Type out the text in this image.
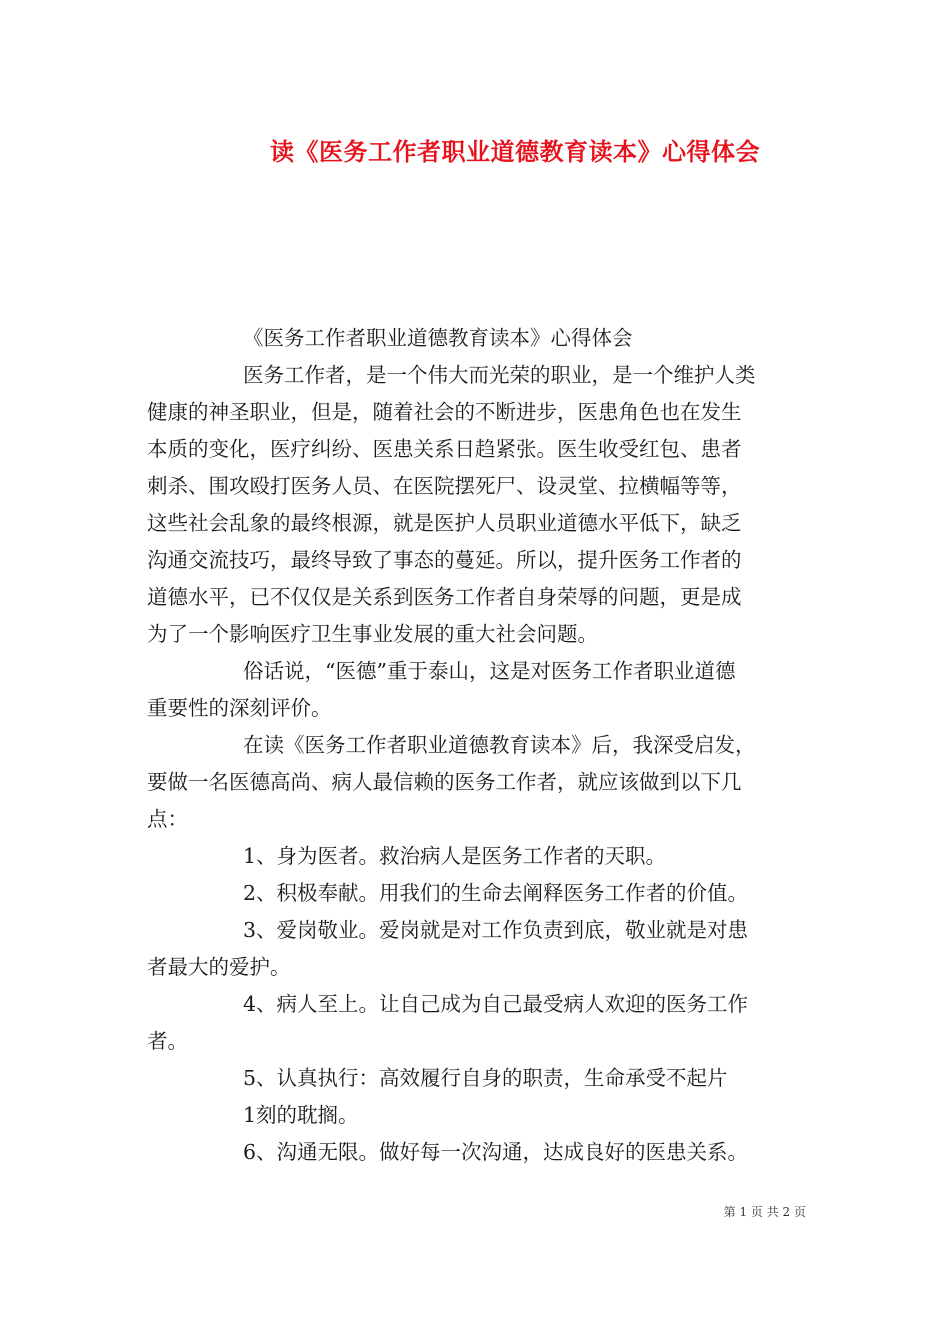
读《医务工作者职业道德教育读本》心得体会
《医务工作者职业道德教育读本》心得体会
医务工作者，是一个伟大而光荣的职业，是一个维护人类
健康的神圣职业，但是，随着社会的不断进步，医患角色也在发生
本质的变化，医疗纠纷、医患关系日趋紧张。医生收受红包、患者
刺杀、围攻殴打医务人员、在医院摆死尸、设灵堂、拉横幅等等，
这些社会乱象的最终根源，就是医护人员职业道德水平低下，缺乏
沟通交流技巧，最终导致了事态的蔓延。所以，提升医务工作者的
道德水平，已不仅仅是关系到医务工作者自身荣辱的问题，更是成
为了一个影响医疗卫生事业发展的重大社会问题。
俗话说，“医德”重于泰山，这是对医务工作者职业道德
重要性的深刻评价。
在读《医务工作者职业道德教育读本》后，我深受启发，
要做一名医德高尚、病人最信赖的医务工作者，就应该做到以下几
点：
1、身为医者。救治病人是医务工作者的天职。
2、积极奉献。用我们的生命去阐释医务工作者的价值。
3、爱岗敬业。爱岗就是对工作负责到底，敬业就是对患
者最大的爱护。
4、病人至上。让自己成为自己最受病人欢迎的医务工作
者。
5、认真执行：高效履行自身的职责，生命承受不起片
1刻的耽搁。
6、沟通无限。做好每一次沟通，达成良好的医患关系。
第 1 页 共 2 页
